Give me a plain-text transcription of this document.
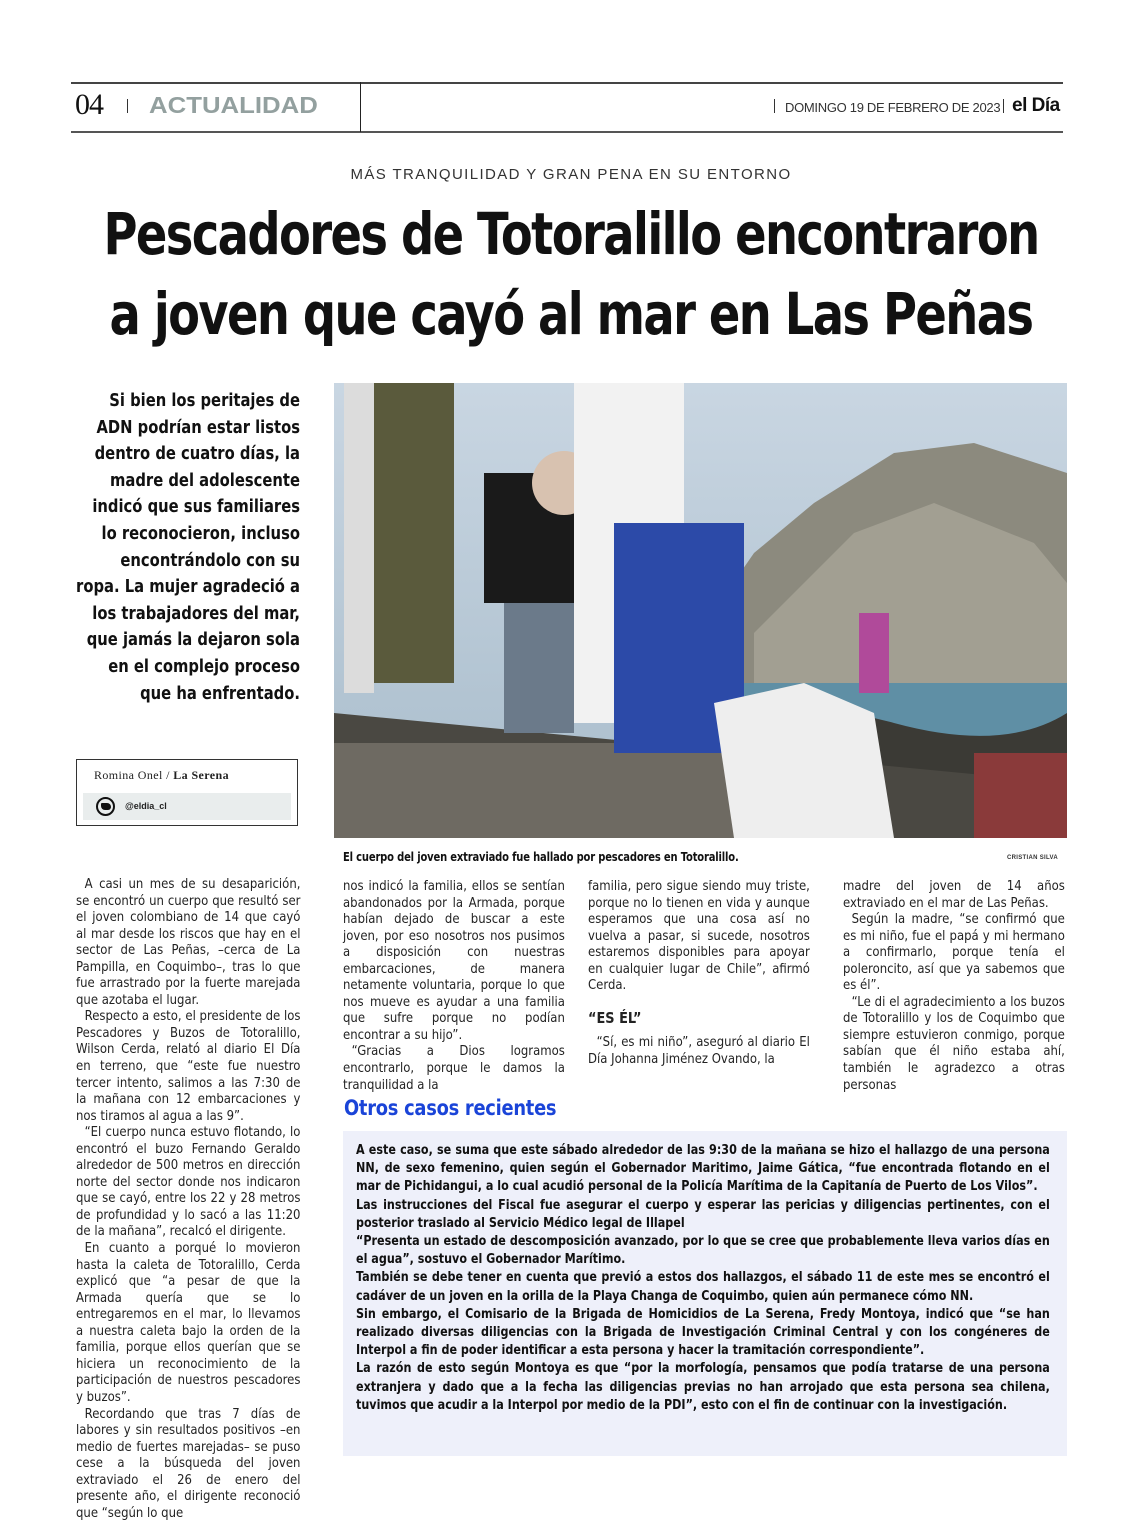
04 ACTUALIDAD	DOMINGO 19 DE FEBRERO DE 2023 el Día
MÁS TRANQUILIDAD Y GRAN PENA EN SU ENTORNO
Pescadores de Totoralillo encontraron
a joven que cayó al mar en Las Peñas
Si bien los peritajes de ADN podrían estar listos dentro de cuatro días, la madre del adolescente indicó que sus familiares lo reconocieron, incluso encontrándolo con su ropa. La mujer agradeció a los trabajadores del mar, que jamás la dejaron sola en el complejo proceso que ha enfrentado.
Romina Onel / La Serena
@eldia_cl
El cuerpo del joven extraviado fue hallado por pescadores en Totoralillo.	CRISTIAN SILVA

A casi un mes de su desaparición, se encontró un cuerpo que resultó ser el joven colombiano de 14 que cayó al mar desde los riscos que hay en el sector de Las Peñas, –cerca de La Pampilla, en Coquimbo–, tras lo que fue arrastrado por la fuerte marejada que azotaba el lugar.

Respecto a esto, el presidente de los Pescadores y Buzos de Totoralillo, Wilson Cerda, relató al diario El Día en terreno, que “este fue nuestro tercer intento, salimos a las 7:30 de la mañana con 12 embarcaciones y nos tiramos al agua a las 9”.

“El cuerpo nunca estuvo flotando, lo encontró el buzo Fernando Geraldo alrededor de 500 metros en dirección norte del sector donde nos indicaron que se cayó, entre los 22 y 28 metros de profundidad y lo sacó a las 11:20 de la mañana”, recalcó el dirigente.

En cuanto a porqué lo movieron hasta la caleta de Totoralillo, Cerda explicó que “a pesar de que la Armada quería que se lo entregaremos en el mar, lo llevamos a nuestra caleta bajo la orden de la familia, porque ellos querían que se hiciera un reconocimiento de la participación de nuestros pescadores y buzos”.

Recordando que tras 7 días de labores y sin resultados positivos –en medio de fuertes marejadas– se puso cese a la búsqueda del joven extraviado el 26 de enero del presente año, el dirigente reconoció que “según lo que

nos indicó la familia, ellos se sentían abandonados por la Armada, porque habían dejado de buscar a este joven, por eso nosotros nos pusimos a disposición con nuestras embarcaciones, de manera netamente voluntaria, porque lo que nos mueve es ayudar a una familia que sufre porque no podían encontrar a su hijo”.

“Gracias a Dios logramos encontrarlo, porque le damos la tranquilidad a la

familia, pero sigue siendo muy triste, porque no lo tienen en vida y aunque esperamos que una cosa así no vuelva a pasar, si sucede, nosotros estaremos disponibles para apoyar en cualquier lugar de Chile”, afirmó Cerda.

“ES ÉL”

“Sí, es mi niño”, aseguró al diario El Día Johanna Jiménez Ovando, la

madre del joven de 14 años extraviado en el mar de Las Peñas.

Según la madre, “se confirmó que es mi niño, fue el papá y mi hermano a confirmarlo, porque tenía el poleroncito, así que ya sabemos que es él”.

“Le di el agradecimiento a los buzos de Totoralillo y los de Coquimbo que siempre estuvieron conmigo, porque sabían que él niño estaba ahí, también le agradezco a otras personas

Otros casos recientes

A este caso, se suma que este sábado alrededor de las 9:30 de la mañana se hizo el hallazgo de una persona NN, de sexo femenino, quien según el Gobernador Maritimo, Jaime Gática, “fue encontrada flotando en el mar de Pichidangui, a lo cual acudió personal de la Policía Marítima de la Capitanía de Puerto de Los Vilos”.

Las instrucciones del Fiscal fue asegurar el cuerpo y esperar las pericias y diligencias pertinentes, con el posterior traslado al Servicio Médico legal de Illapel

“Presenta un estado de descomposición avanzado, por lo que se cree que probablemente lleva varios días en el agua”, sostuvo el Gobernador Marítimo.

También se debe tener en cuenta que previó a estos dos hallazgos, el sábado 11 de este mes se encontró el cadáver de un joven en la orilla de la Playa Changa de Coquimbo, quien aún permanece cómo NN.

Sin embargo, el Comisario de la Brigada de Homicidios de La Serena, Fredy Montoya, indicó que “se han realizado diversas diligencias con la Brigada de Investigación Criminal Central y con los congéneres de Interpol a fin de poder identificar a esta persona y hacer la tramitación correspondiente”.

La razón de esto según Montoya es que “por la morfología, pensamos que podía tratarse de una persona extranjera y dado que a la fecha las diligencias previas no han arrojado que esta persona sea chilena, tuvimos que acudir a la Interpol por medio de la PDI”, esto con el fin de continuar con la investigación.
